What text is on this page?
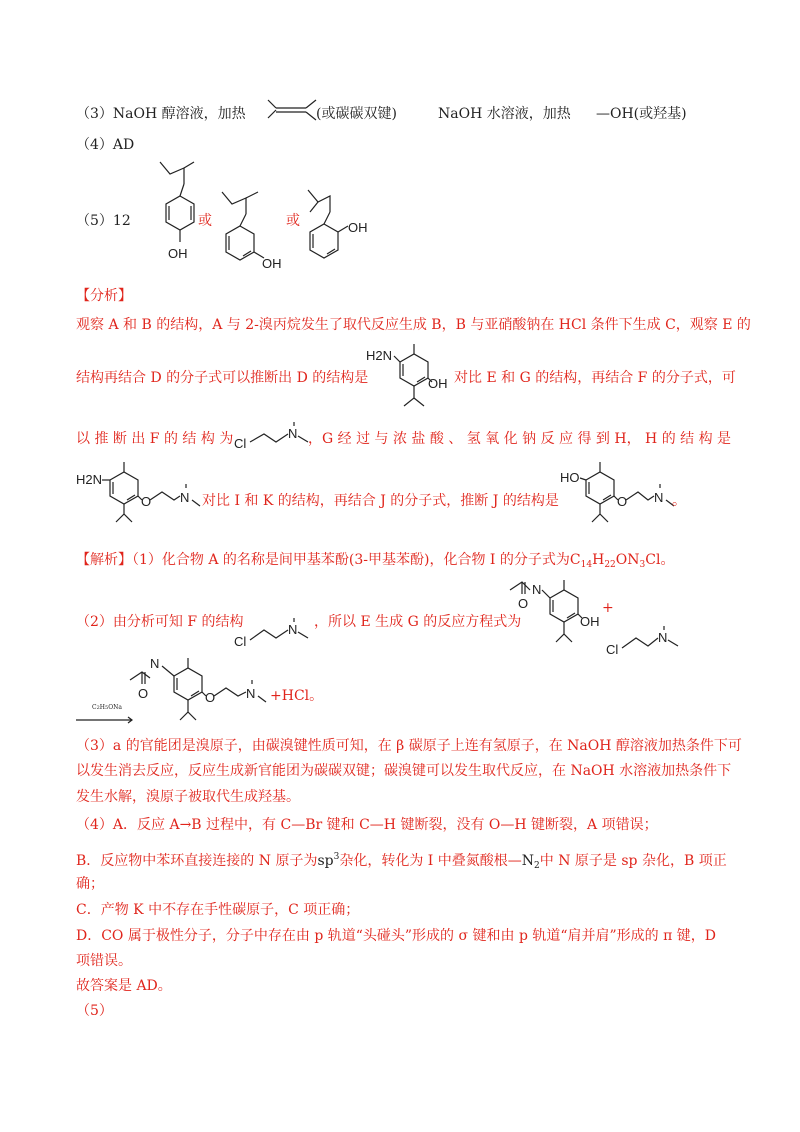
（3）NaOH 醇溶液，加热	(或碳碳双键)	NaOH 水溶液，加热 —OH(或羟基)
（4）AD
（5）12
OH
或
OH
或	OH
【分析】
观察 A 和 B 的结构，A 与 2-溴丙烷发生了取代反应生成 B，B 与亚硝酸钠在 HCl 条件下生成 C，观察 E 的
结构再结合 D 的分子式可以推断出 D 的结构是
H2N
OH 对比 E 和 G 的结构，再结合 F 的分子式，可
以 推 断 出 F 的 结 构 为 Cl
N ，G 经 过 与 浓 盐 酸 、 氢 氧 化 钠 反 应 得 到 H， H 的 结 构 是
H2N
O N 对比 I 和 K 的结构，再结合 J 的分子式，推断 J 的结构是
HO
O N 。
【解析】（1）化合物 A 的名称是间甲基苯酚(3-甲基苯酚)，化合物 I 的分子式为$C_{14}H_{22}ON_3Cl$。
（2）由分析可知 F 的结构
Cl
N ，所以 E 生成 G 的反应方程式为
O
N
OH
+
Cl
N
O
N
O N +HCl。
C2H5ONa
（3）a 的官能团是溴原子，由碳溴键性质可知，在 β 碳原子上连有氢原子，在 NaOH 醇溶液加热条件下可
以发生消去反应，反应生成新官能团为碳碳双键；碳溴键可以发生取代反应，在 NaOH 水溶液加热条件下
发生水解，溴原子被取代生成羟基。
（4）A．反应 A→B 过程中，有 C—Br 键和 C—H 键断裂，没有 O—H 键断裂，A 项错误；
B．反应物中苯环直接连接的 N 原子为$sp^3$杂化，转化为 I 中叠氮酸根$—N_2$中 N 原子是 sp 杂化，B 项正
确；
C．产物 K 中不存在手性碳原子，C 项正确；
D．CO 属于极性分子，分子中存在由 p 轨道“头碰头”形成的 σ 键和由 p 轨道“肩并肩”形成的 π 键，D
项错误。
故答案是 AD。
（5）
